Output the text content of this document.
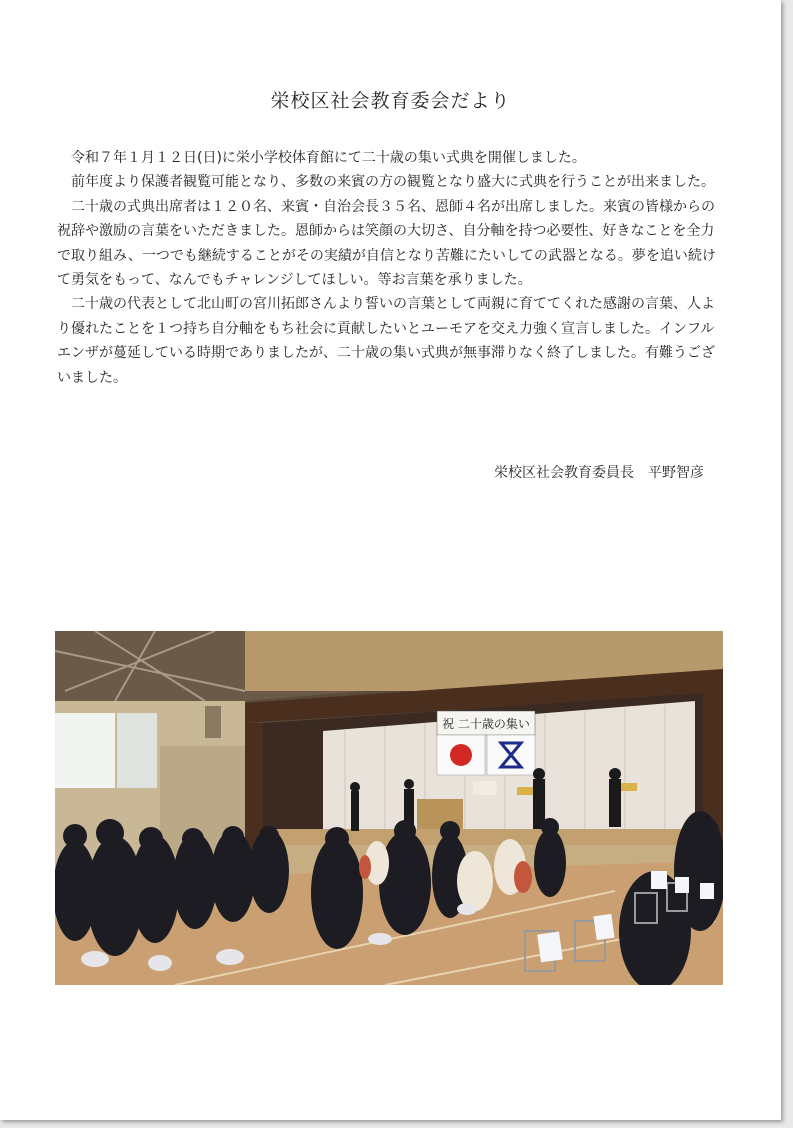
栄校区社会教育委会だより

令和７年１月１２日(日)に栄小学校体育館にて二十歳の集い式典を開催しました。

前年度より保護者観覧可能となり、多数の来賓の方の観覧となり盛大に式典を行うことが出来ました。

二十歳の式典出席者は１２０名、来賓・自治会長３５名、恩師４名が出席しました。来賓の皆様からの祝辞や激励の言葉をいただきました。恩師からは笑顔の大切さ、自分軸を持つ必要性、好きなことを全力で取り組み、一つでも継続することがその実績が自信となり苦難にたいしての武器となる。夢を追い続けて勇気をもって、なんでもチャレンジしてほしい。等お言葉を承りました。

二十歳の代表として北山町の宮川拓郎さんより誓いの言葉として両親に育ててくれた感謝の言葉、人より優れたことを１つ持ち自分軸をもち社会に貢献したいとユーモアを交え力強く宣言しました。インフルエンザが蔓延している時期でありましたが、二十歳の集い式典が無事滞りなく終了しました。有難うございました。

栄校区社会教育委員長 平野智彦
祝 二十歳の集い
